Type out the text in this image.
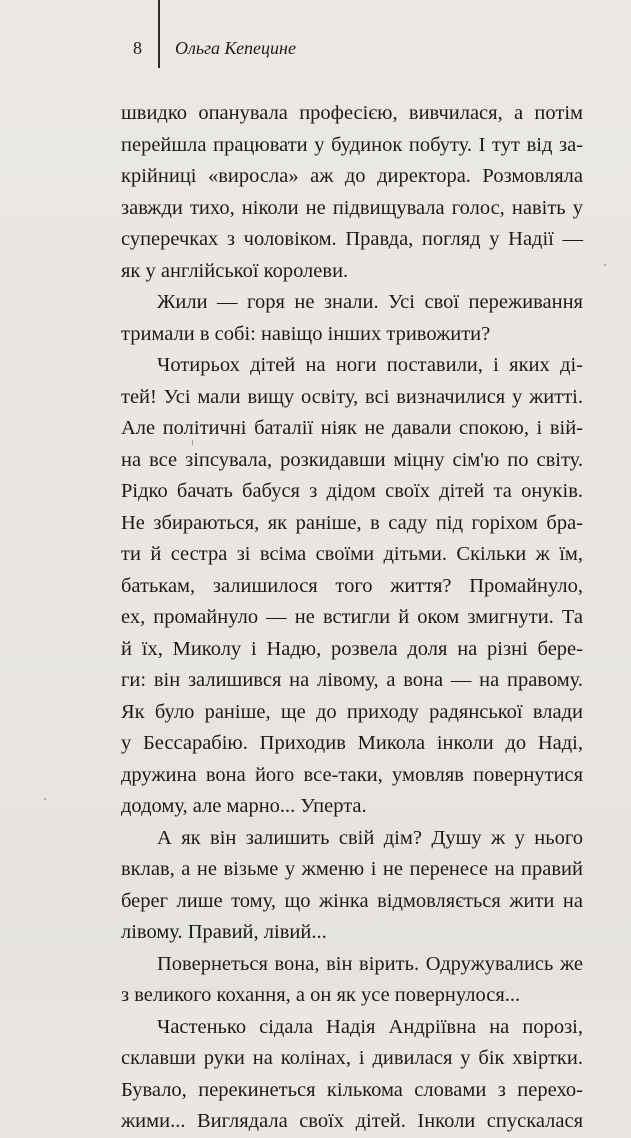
8 Ольга Кепецине
швидко опанувала професією, вивчилася, а потім
перейшла працювати у будинок побуту. І тут від за-
крійниці «виросла» аж до директора. Розмовляла
завжди тихо, ніколи не підвищувала голос, навіть у
суперечках з чоловіком. Правда, погляд у Надії —
як у англійської королеви.
Жили — горя не знали. Усі свої переживання
тримали в собі: навіщо інших тривожити?
Чотирьох дітей на ноги поставили, і яких ді-
тей! Усі мали вищу освіту, всі визначилися у житті.
Але політичні баталії ніяк не давали спокою, і вій-
на все зіпсувала, розкидавши міцну сім'ю по світу.
Рідко бачать бабуся з дідом своїх дітей та онуків.
Не збираються, як раніше, в саду під горіхом бра-
ти й сестра зі всіма своїми дітьми. Скільки ж їм,
батькам, залишилося того життя? Промайнуло,
ех, промайнуло — не встигли й оком змигнути. Та
й їх, Миколу і Надю, розвела доля на різні бере-
ги: він залишився на лівому, а вона — на правому.
Як було раніше, ще до приходу радянської влади
у Бессарабію. Приходив Микола інколи до Наді,
дружина вона його все-таки, умовляв повернутися
додому, але марно... Уперта.
А як він залишить свій дім? Душу ж у нього
вклав, а не візьме у жменю і не перенесе на правий
берег лише тому, що жінка відмовляється жити на
лівому. Правий, лівий...
Повернеться вона, він вірить. Одружувались же
з великого кохання, а он як усе повернулося...
Частенько сідала Надія Андріївна на порозі,
склавши руки на колінах, і дивилася у бік хвіртки.
Бувало, перекинеться кількома словами з перехо-
жими... Виглядала своїх дітей. Інколи спускалася
